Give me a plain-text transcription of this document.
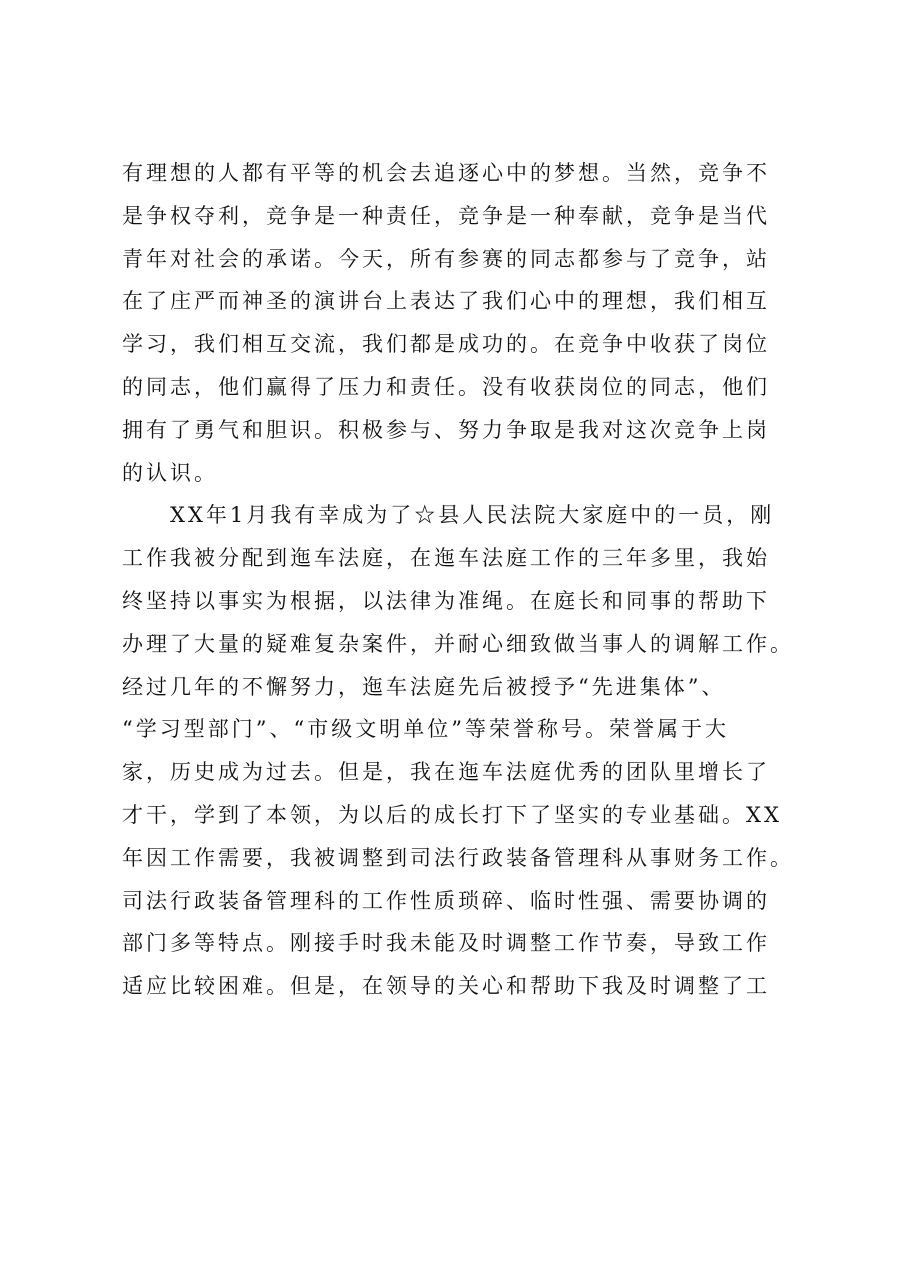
有理想的人都有平等的机会去追逐心中的梦想。当然，竞争不
是争权夺利，竞争是一种责任，竞争是一种奉献，竞争是当代
青年对社会的承诺。今天，所有参赛的同志都参与了竞争，站
在了庄严而神圣的演讲台上表达了我们心中的理想，我们相互
学习，我们相互交流，我们都是成功的。在竞争中收获了岗位
的同志，他们赢得了压力和责任。没有收获岗位的同志，他们
拥有了勇气和胆识。积极参与、努力争取是我对这次竞争上岗
的认识。
XX年1月我有幸成为了☆县人民法院大家庭中的一员，刚
工作我被分配到迤车法庭，在迤车法庭工作的三年多里，我始
终坚持以事实为根据，以法律为准绳。在庭长和同事的帮助下
办理了大量的疑难复杂案件，并耐心细致做当事人的调解工作。
经过几年的不懈努力，迤车法庭先后被授予“先进集体”、
“学习型部门”、“市级文明单位”等荣誉称号。荣誉属于大
家，历史成为过去。但是，我在迤车法庭优秀的团队里增长了
才干，学到了本领，为以后的成长打下了坚实的专业基础。XX
年因工作需要，我被调整到司法行政装备管理科从事财务工作。
司法行政装备管理科的工作性质琐碎、临时性强、需要协调的
部门多等特点。刚接手时我未能及时调整工作节奏，导致工作
适应比较困难。但是，在领导的关心和帮助下我及时调整了工
